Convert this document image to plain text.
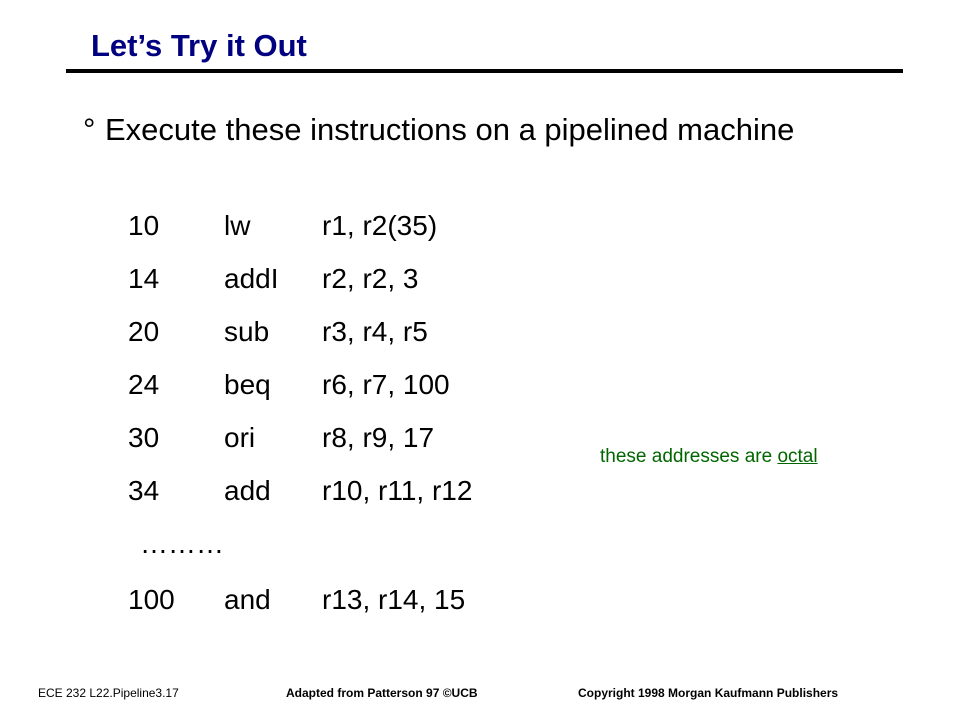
Let’s Try it Out
° Execute these instructions on a pipelined machine
10 lw	r1, r2(35)
14 addI r2, r2, 3
20 sub r3, r4, r5
24 beq r6, r7, 100
30 ori r8, r9, 17
34 add r10, r11, r12
………
100 and r13, r14, 15
these addresses are octal
ECE 232 L22.Pipeline3.17	Adapted from Patterson 97 ©UCB	Copyright 1998 Morgan Kaufmann Publishers
